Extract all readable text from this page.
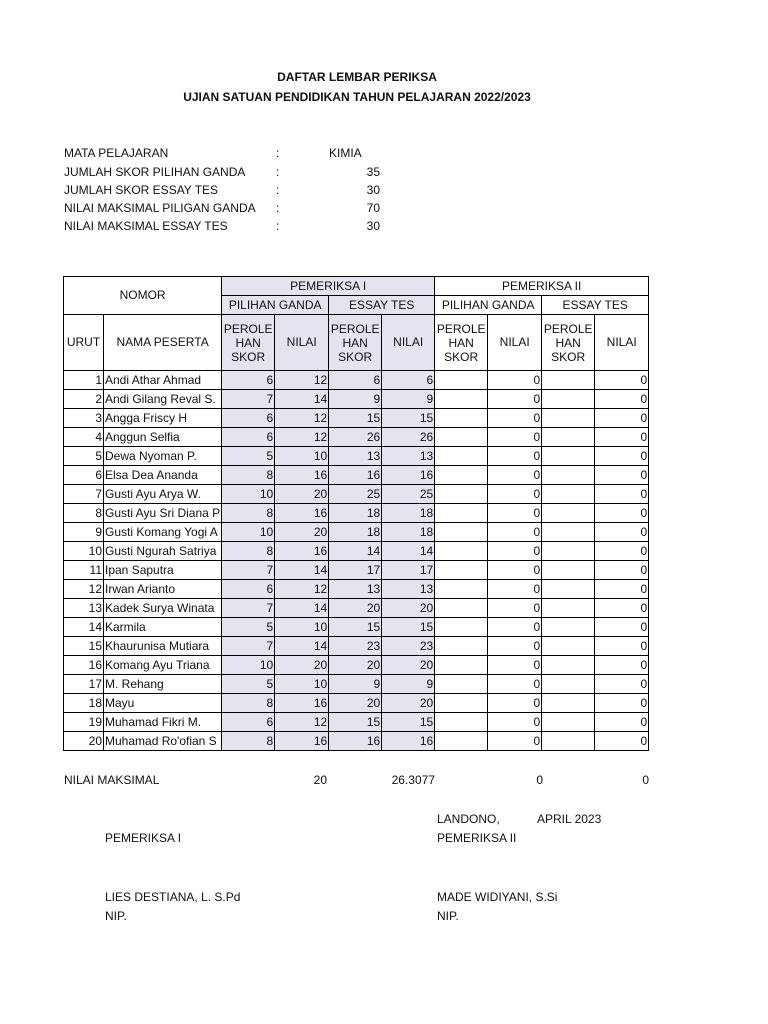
DAFTAR LEMBAR PERIKSA
UJIAN SATUAN PENDIDIKAN TAHUN PELAJARAN 2022/2023
MATA PELAJARAN	:	KIMIA
JUMLAH SKOR PILIHAN GANDA	:	35
JUMLAH SKOR ESSAY TES	:	30
NILAI MAKSIMAL PILIGAN GANDA :	70
NILAI MAKSIMAL ESSAY TES	:	30
NOMOR		PEMERIKSA I				PEMERIKSA II			
		PILIHAN GANDA		ESSAY TES		PILIHAN GANDA		ESSAY TES	
URUT	NAMA PESERTA	PEROLE HAN SKOR	NILAI	PEROLE HAN SKOR	NILAI	PEROLE HAN SKOR	NILAI	PEROLE HAN SKOR	NILAI
1	Andi Athar Ahmad	6	12	6	6		0		0
2	Andi Gilang Reval S.	7	14	9	9		0		0
3	Angga Friscy H	6	12	15	15		0		0
4	Anggun Selfia	6	12	26	26		0		0
5	Dewa Nyoman P.	5	10	13	13		0		0
6	Elsa Dea Ananda	8	16	16	16		0		0
7	Gusti Ayu Arya W.	10	20	25	25		0		0
8	Gusti Ayu Sri Diana P	8	16	18	18		0		0
9	Gusti Komang Yogi A	10	20	18	18		0		0
10	Gusti Ngurah Satriya	8	16	14	14		0		0
11	Ipan Saputra	7	14	17	17		0		0
12	Irwan Arianto	6	12	13	13		0		0
13	Kadek Surya Winata	7	14	20	20		0		0
14	Karmila	5	10	15	15		0		0
15	Khaurunisa Mutiara	7	14	23	23		0		0
16	Komang Ayu Triana	10	20	20	20		0		0
17	M. Rehang	5	10	9	9		0		0
18	Mayu	8	16	20	20		0		0
19	Muhamad Fikri M.	6	12	15	15		0		0
20	Muhamad Ro'ofian S	8	16	16	16		0		0
NILAI MAKSIMAL	20	26.3077	0	0
LANDONO,	APRIL 2023
PEMERIKSA I	PEMERIKSA II
LIES DESTIANA, L. S.Pd	MADE WIDIYANI, S.Si
NIP.	NIP.
